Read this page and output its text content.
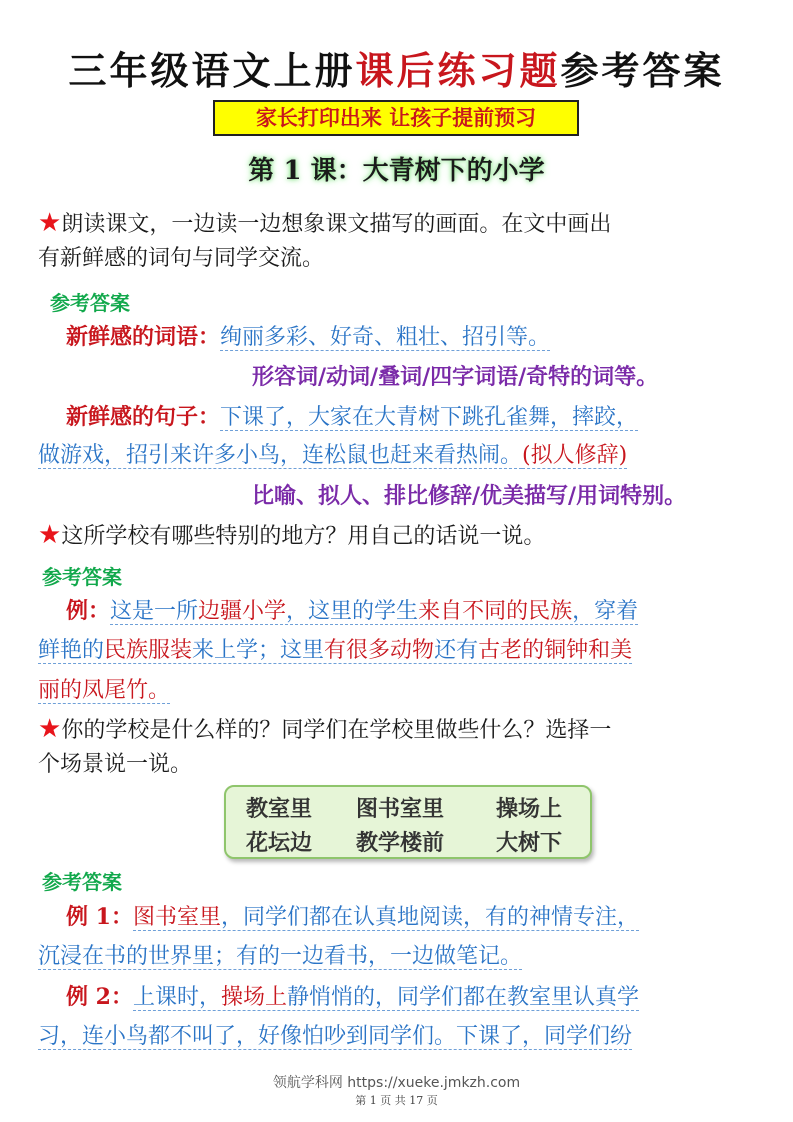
三年级语文上册课后练习题参考答案
家长打印出来 让孩子提前预习
第 1 课：大青树下的小学
★朗读课文，一边读一边想象课文描写的画面。在文中画出
有新鲜感的词句与同学交流。
参考答案
新鲜感的词语：绚丽多彩、好奇、粗壮、招引等。
形容词/动词/叠词/四字词语/奇特的词等。
新鲜感的句子：下课了，大家在大青树下跳孔雀舞，摔跤，
做游戏，招引来许多小鸟，连松鼠也赶来看热闹。(拟人修辞)
比喻、拟人、排比修辞/优美描写/用词特别。
★这所学校有哪些特别的地方？用自己的话说一说。
参考答案
例：这是一所边疆小学，这里的学生来自不同的民族，穿着
鲜艳的民族服装来上学；这里有很多动物还有古老的铜钟和美
丽的凤尾竹。
★你的学校是什么样的？同学们在学校里做些什么？选择一
个场景说一说。
教室里 图书室里 操场上
花坛边 教学楼前 大树下
参考答案
例 1：图书室里，同学们都在认真地阅读，有的神情专注，
沉浸在书的世界里；有的一边看书，一边做笔记。
例 2：上课时，操场上静悄悄的，同学们都在教室里认真学
习，连小鸟都不叫了，好像怕吵到同学们。下课了，同学们纷
领航学科网 https://xueke.jmkzh.com
第 1 页 共 17 页
